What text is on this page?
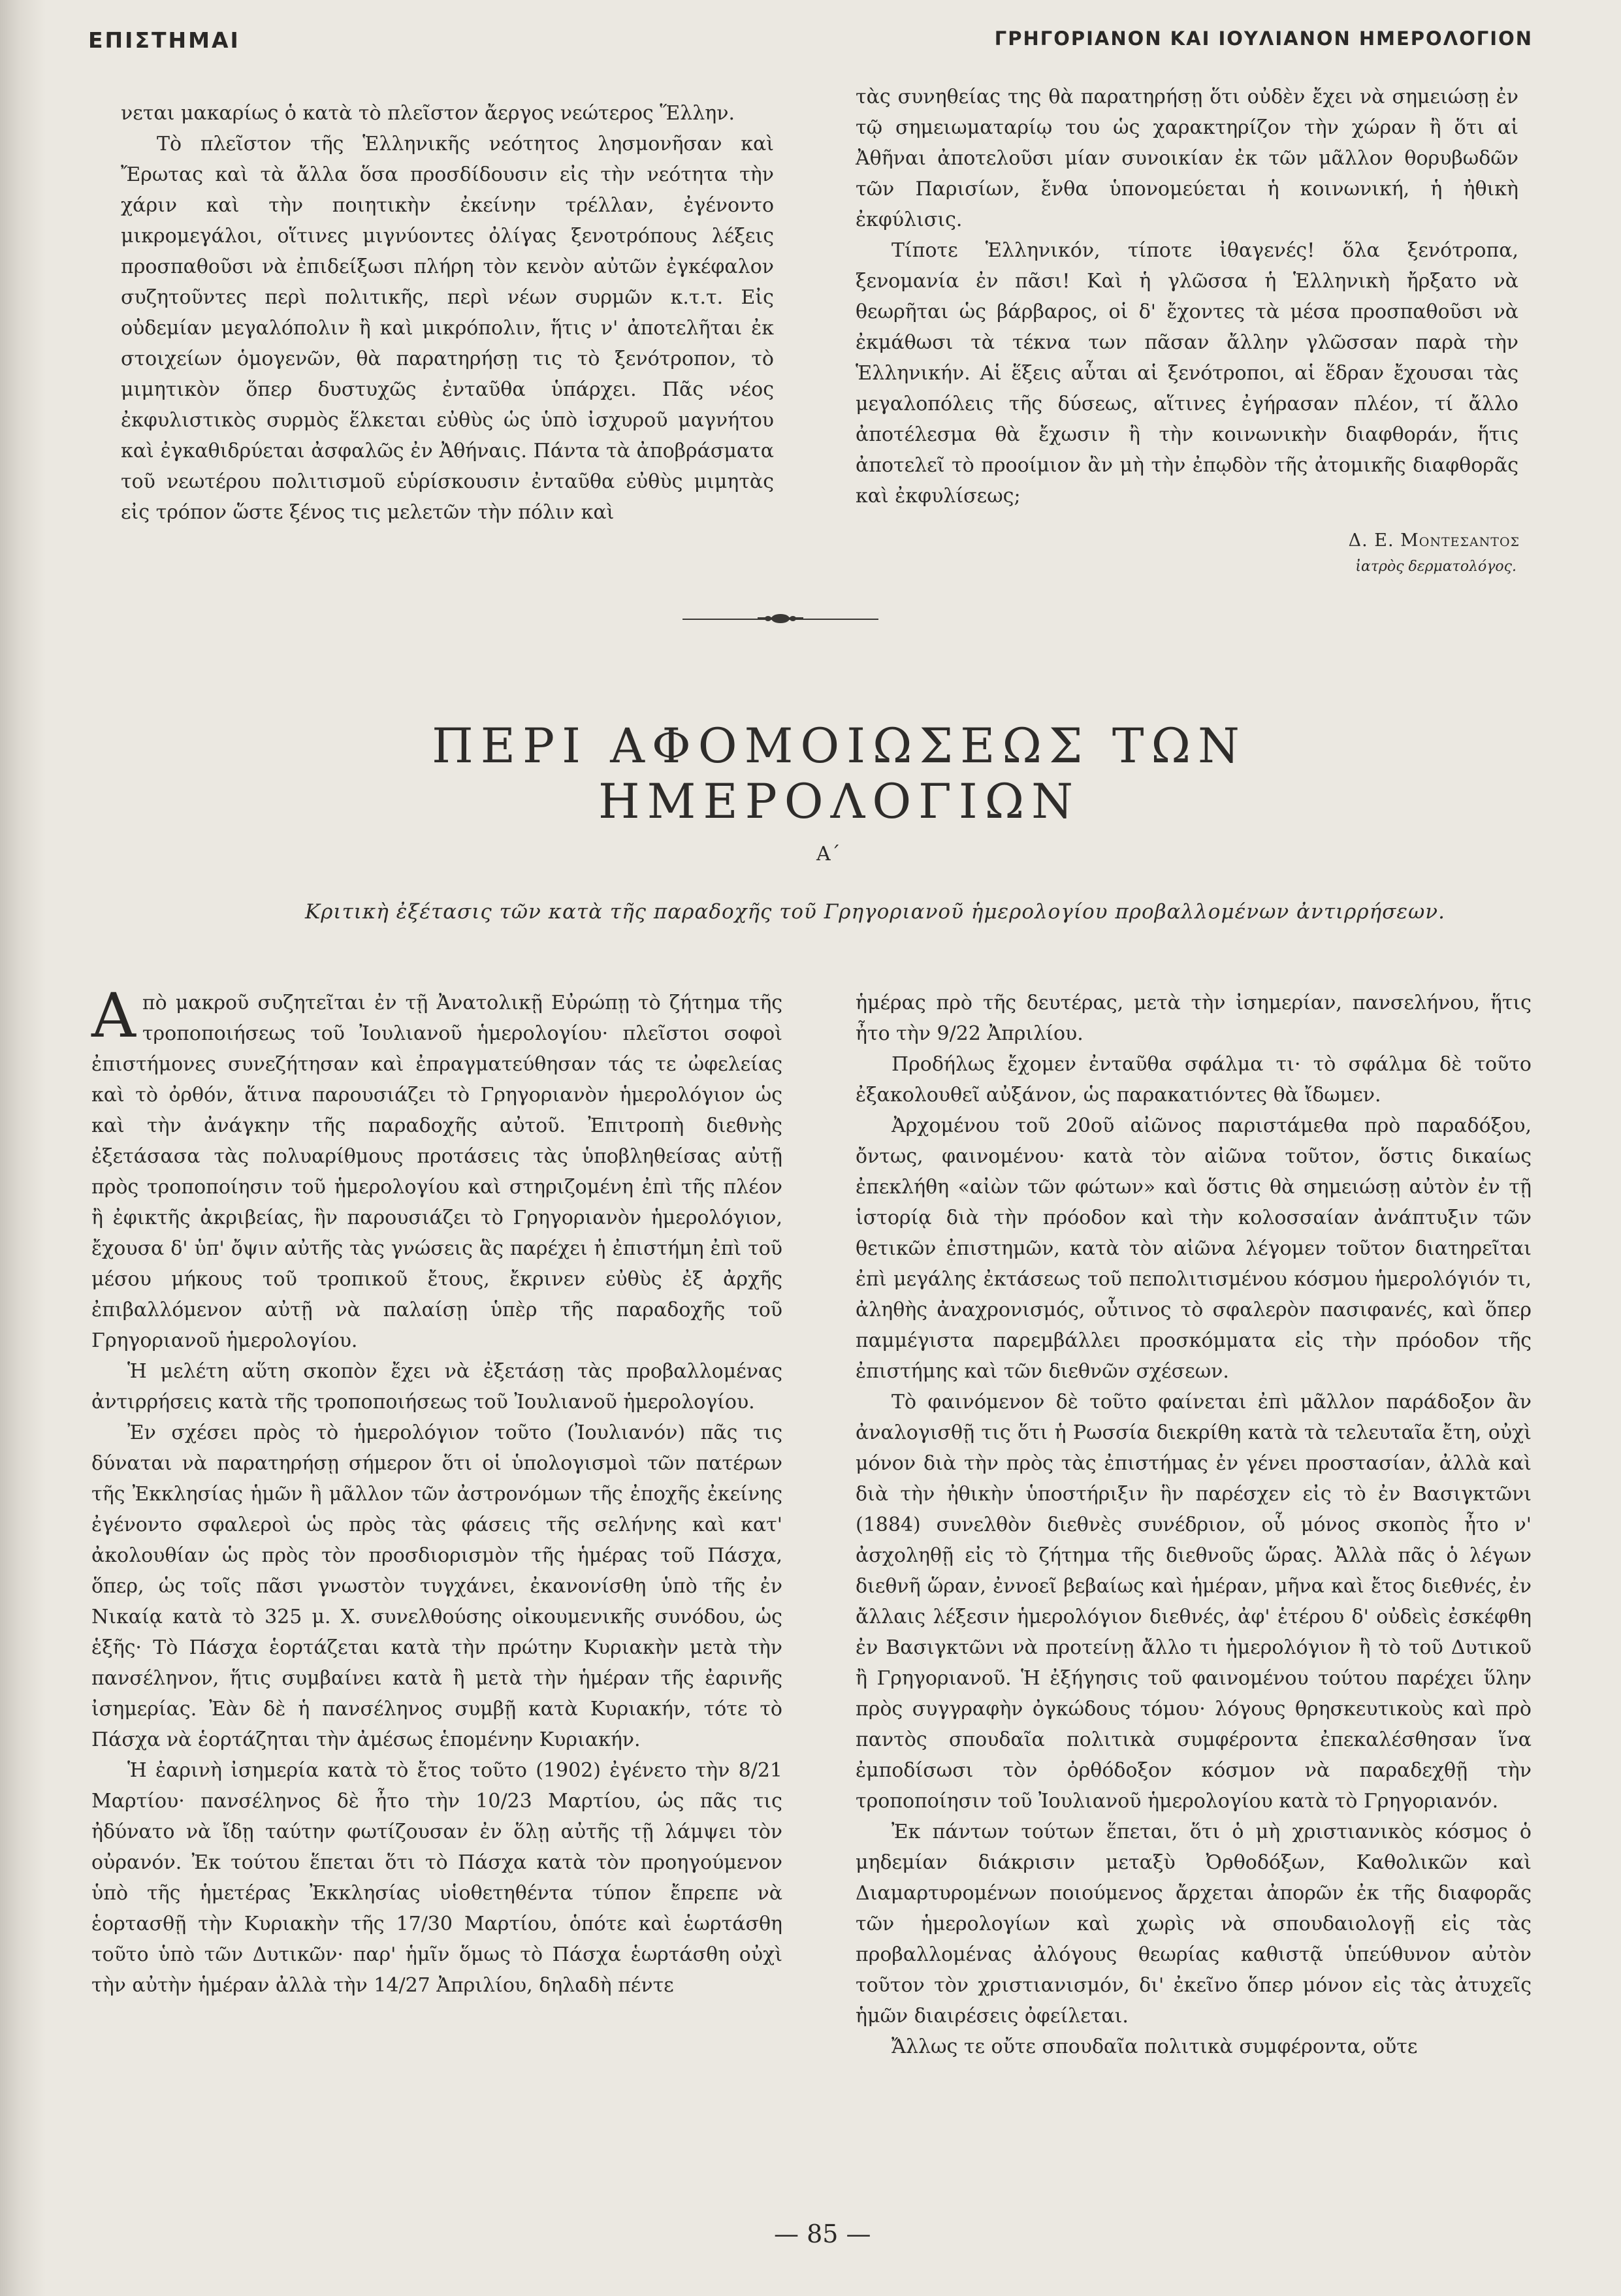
ΕΠΙΣΤΗΜΑΙ	ΓΡΗΓΟΡΙΑΝΟΝ ΚΑΙ ΙΟΥΛΙΑΝΟΝ ΗΜΕΡΟΛΟΓΙΟΝ

νεται μακαρίως ὁ κατὰ τὸ πλεῖστον ἄεργος νεώτερος Ἕλλην.

Τὸ πλεῖστον τῆς Ἑλληνικῆς νεότητος λησμονῆσαν καὶ Ἔρωτας καὶ τὰ ἄλλα ὅσα προσδίδουσιν εἰς τὴν νεότητα τὴν χάριν καὶ τὴν ποιητικὴν ἐκείνην τρέλλαν, ἐγένοντο μικρομεγάλοι, οἵτινες μιγνύοντες ὀλίγας ξενοτρόπους λέξεις προσπαθοῦσι νὰ ἐπιδείξωσι πλήρη τὸν κενὸν αὐτῶν ἐγκέφαλον συζητοῦντες περὶ πολιτικῆς, περὶ νέων συρμῶν κ.τ.τ. Εἰς οὐδεμίαν μεγαλόπολιν ἢ καὶ μικρόπολιν, ἥτις ν' ἀποτελῆται ἐκ στοιχείων ὁμογενῶν, θὰ παρατηρήσῃ τις τὸ ξενότροπον, τὸ μιμητικὸν ὅπερ δυστυχῶς ἐνταῦθα ὑπάρχει. Πᾶς νέος ἐκφυλιστικὸς συρμὸς ἕλκεται εὐθὺς ὡς ὑπὸ ἰσχυροῦ μαγνήτου καὶ ἐγκαθιδρύεται ἀσφαλῶς ἐν Ἀθήναις. Πάντα τὰ ἀποβράσματα τοῦ νεωτέρου πολιτισμοῦ εὑρίσκουσιν ἐνταῦθα εὐθὺς μιμητὰς εἰς τρόπον ὥστε ξένος τις μελετῶν τὴν πόλιν καὶ

τὰς συνηθείας της θὰ παρατηρήσῃ ὅτι οὐδὲν ἔχει νὰ σημειώσῃ ἐν τῷ σημειωματαρίῳ του ὡς χαρακτηρίζον τὴν χώραν ἢ ὅτι αἱ Ἀθῆναι ἀποτελοῦσι μίαν συνοικίαν ἐκ τῶν μᾶλλον θορυβωδῶν τῶν Παρισίων, ἔνθα ὑπονομεύεται ἡ κοινωνική, ἡ ἠθικὴ ἐκφύλισις.

Τίποτε Ἑλληνικόν, τίποτε ἰθαγενές! ὅλα ξενότροπα, ξενομανία ἐν πᾶσι! Καὶ ἡ γλῶσσα ἡ Ἑλληνικὴ ἤρξατο νὰ θεωρῆται ὡς βάρβαρος, οἱ δ' ἔχοντες τὰ μέσα προσπαθοῦσι νὰ ἐκμάθωσι τὰ τέκνα των πᾶσαν ἄλλην γλῶσσαν παρὰ τὴν Ἑλληνικήν. Αἱ ἕξεις αὗται αἱ ξενότροποι, αἱ ἕδραν ἔχουσαι τὰς μεγαλοπόλεις τῆς δύσεως, αἵτινες ἐγήρασαν πλέον, τί ἄλλο ἀποτέλεσμα θὰ ἔχωσιν ἢ τὴν κοινωνικὴν διαφθοράν, ἥτις ἀποτελεῖ τὸ προοίμιον ἂν μὴ τὴν ἐπῳδὸν τῆς ἀτομικῆς διαφθορᾶς καὶ ἐκφυλίσεως;

Δ. Ε. Μοντεσαντος
ἰατρὸς δερματολόγος.
ΠΕΡΙ ΑΦΟΜΟΙΩΣΕΩΣ ΤΩΝ ΗΜΕΡΟΛΟΓΙΩΝ
Α΄
Κριτικὴ ἐξέτασις τῶν κατὰ τῆς παραδοχῆς τοῦ Γρηγοριανοῦ ἡμερολογίου προβαλλομένων ἀντιρρήσεων.

Απὸ μακροῦ συζητεῖται ἐν τῇ Ἀνατολικῇ Εὐρώπῃ τὸ ζήτημα τῆς τροποποιήσεως τοῦ Ἰουλιανοῦ ἡμερολογίου· πλεῖστοι σοφοὶ ἐπιστήμονες συνεζήτησαν καὶ ἐπραγματεύθησαν τάς τε ὠφελείας καὶ τὸ ὀρθόν, ἅτινα παρουσιάζει τὸ Γρηγοριανὸν ἡμερολόγιον ὡς καὶ τὴν ἀνάγκην τῆς παραδοχῆς αὐτοῦ. Ἐπιτροπὴ διεθνὴς ἐξετάσασα τὰς πολυαρίθμους προτάσεις τὰς ὑποβληθείσας αὐτῇ πρὸς τροποποίησιν τοῦ ἡμερολογίου καὶ στηριζομένη ἐπὶ τῆς πλέον ἢ ἐφικτῆς ἀκριβείας, ἣν παρουσιάζει τὸ Γρηγοριανὸν ἡμερολόγιον, ἔχουσα δ' ὑπ' ὄψιν αὐτῆς τὰς γνώσεις ἃς παρέχει ἡ ἐπιστήμη ἐπὶ τοῦ μέσου μήκους τοῦ τροπικοῦ ἔτους, ἔκρινεν εὐθὺς ἐξ ἀρχῆς ἐπιβαλλόμενον αὐτῇ νὰ παλαίσῃ ὑπὲρ τῆς παραδοχῆς τοῦ Γρηγοριανοῦ ἡμερολογίου.

Ἡ μελέτη αὕτη σκοπὸν ἔχει νὰ ἐξετάσῃ τὰς προβαλλομένας ἀντιρρήσεις κατὰ τῆς τροποποιήσεως τοῦ Ἰουλιανοῦ ἡμερολογίου.

Ἐν σχέσει πρὸς τὸ ἡμερολόγιον τοῦτο (Ἰουλιανόν) πᾶς τις δύναται νὰ παρατηρήσῃ σήμερον ὅτι οἱ ὑπολογισμοὶ τῶν πατέρων τῆς Ἐκκλησίας ἡμῶν ἢ μᾶλλον τῶν ἀστρονόμων τῆς ἐποχῆς ἐκείνης ἐγένοντο σφαλεροὶ ὡς πρὸς τὰς φάσεις τῆς σελήνης καὶ κατ' ἀκολουθίαν ὡς πρὸς τὸν προσδιορισμὸν τῆς ἡμέρας τοῦ Πάσχα, ὅπερ, ὡς τοῖς πᾶσι γνωστὸν τυγχάνει, ἐκανονίσθη ὑπὸ τῆς ἐν Νικαίᾳ κατὰ τὸ 325 μ. Χ. συνελθούσης οἰκουμενικῆς συνόδου, ὡς ἑξῆς· Τὸ Πάσχα ἑορτάζεται κατὰ τὴν πρώτην Κυριακὴν μετὰ τὴν πανσέληνον, ἥτις συμβαίνει κατὰ ἢ μετὰ τὴν ἡμέραν τῆς ἐαρινῆς ἰσημερίας. Ἐὰν δὲ ἡ πανσέληνος συμβῇ κατὰ Κυριακήν, τότε τὸ Πάσχα νὰ ἑορτάζηται τὴν ἀμέσως ἑπομένην Κυριακήν.

Ἡ ἐαρινὴ ἰσημερία κατὰ τὸ ἔτος τοῦτο (1902) ἐγένετο τὴν 8/21 Μαρτίου· πανσέληνος δὲ ἦτο τὴν 10/23 Μαρτίου, ὡς πᾶς τις ἠδύνατο νὰ ἴδῃ ταύτην φωτίζουσαν ἐν ὅλῃ αὐτῆς τῇ λάμψει τὸν οὐρανόν. Ἐκ τούτου ἕπεται ὅτι τὸ Πάσχα κατὰ τὸν προηγούμενον ὑπὸ τῆς ἡμετέρας Ἐκκλησίας υἱοθετηθέντα τύπον ἔπρεπε νὰ ἑορτασθῇ τὴν Κυριακὴν τῆς 17/30 Μαρτίου, ὁπότε καὶ ἑωρτάσθη τοῦτο ὑπὸ τῶν Δυτικῶν· παρ' ἡμῖν ὅμως τὸ Πάσχα ἑωρτάσθη οὐχὶ τὴν αὐτὴν ἡμέραν ἀλλὰ τὴν 14/27 Ἀπριλίου, δηλαδὴ πέντε

ἡμέρας πρὸ τῆς δευτέρας, μετὰ τὴν ἰσημερίαν, πανσελήνου, ἥτις ἦτο τὴν 9/22 Ἀπριλίου.

Προδήλως ἔχομεν ἐνταῦθα σφάλμα τι· τὸ σφάλμα δὲ τοῦτο ἐξακολουθεῖ αὐξάνον, ὡς παρακατιόντες θὰ ἴδωμεν.

Ἀρχομένου τοῦ 20οῦ αἰῶνος παριστάμεθα πρὸ παραδόξου, ὄντως, φαινομένου· κατὰ τὸν αἰῶνα τοῦτον, ὅστις δικαίως ἐπεκλήθη «αἰὼν τῶν φώτων» καὶ ὅστις θὰ σημειώσῃ αὐτὸν ἐν τῇ ἱστορίᾳ διὰ τὴν πρόοδον καὶ τὴν κολοσσαίαν ἀνάπτυξιν τῶν θετικῶν ἐπιστημῶν, κατὰ τὸν αἰῶνα λέγομεν τοῦτον διατηρεῖται ἐπὶ μεγάλης ἐκτάσεως τοῦ πεπολιτισμένου κόσμου ἡμερολόγιόν τι, ἀληθὴς ἀναχρονισμός, οὗτινος τὸ σφαλερὸν πασιφανές, καὶ ὅπερ παμμέγιστα παρεμβάλλει προσκόμματα εἰς τὴν πρόοδον τῆς ἐπιστήμης καὶ τῶν διεθνῶν σχέσεων.

Τὸ φαινόμενον δὲ τοῦτο φαίνεται ἐπὶ μᾶλλον παράδοξον ἂν ἀναλογισθῇ τις ὅτι ἡ Ρωσσία διεκρίθη κατὰ τὰ τελευταῖα ἔτη, οὐχὶ μόνον διὰ τὴν πρὸς τὰς ἐπιστήμας ἐν γένει προστασίαν, ἀλλὰ καὶ διὰ τὴν ἠθικὴν ὑποστήριξιν ἣν παρέσχεν εἰς τὸ ἐν Βασιγκτῶνι (1884) συνελθὸν διεθνὲς συνέδριον, οὗ μόνος σκοπὸς ἦτο ν' ἀσχοληθῇ εἰς τὸ ζήτημα τῆς διεθνοῦς ὥρας. Ἀλλὰ πᾶς ὁ λέγων διεθνῆ ὥραν, ἐννοεῖ βεβαίως καὶ ἡμέραν, μῆνα καὶ ἔτος διεθνές, ἐν ἄλλαις λέξεσιν ἡμερολόγιον διεθνές, ἀφ' ἑτέρου δ' οὐδεὶς ἐσκέφθη ἐν Βασιγκτῶνι νὰ προτείνῃ ἄλλο τι ἡμερολόγιον ἢ τὸ τοῦ Δυτικοῦ ἢ Γρηγοριανοῦ. Ἡ ἐξήγησις τοῦ φαινομένου τούτου παρέχει ὕλην πρὸς συγγραφὴν ὀγκώδους τόμου· λόγους θρησκευτικοὺς καὶ πρὸ παντὸς σπουδαῖα πολιτικὰ συμφέροντα ἐπεκαλέσθησαν ἵνα ἐμποδίσωσι τὸν ὀρθόδοξον κόσμον νὰ παραδεχθῇ τὴν τροποποίησιν τοῦ Ἰουλιανοῦ ἡμερολογίου κατὰ τὸ Γρηγοριανόν.

Ἐκ πάντων τούτων ἕπεται, ὅτι ὁ μὴ χριστιανικὸς κόσμος ὁ μηδεμίαν διάκρισιν μεταξὺ Ὀρθοδόξων, Καθολικῶν καὶ Διαμαρτυρομένων ποιούμενος ἄρχεται ἀπορῶν ἐκ τῆς διαφορᾶς τῶν ἡμερολογίων καὶ χωρὶς νὰ σπουδαιολογῇ εἰς τὰς προβαλλομένας ἀλόγους θεωρίας καθιστᾷ ὑπεύθυνον αὐτὸν τοῦτον τὸν χριστιανισμόν, δι' ἐκεῖνο ὅπερ μόνον εἰς τὰς ἀτυχεῖς ἡμῶν διαιρέσεις ὀφείλεται.

Ἄλλως τε οὔτε σπουδαῖα πολιτικὰ συμφέροντα, οὔτε

— 85 —
